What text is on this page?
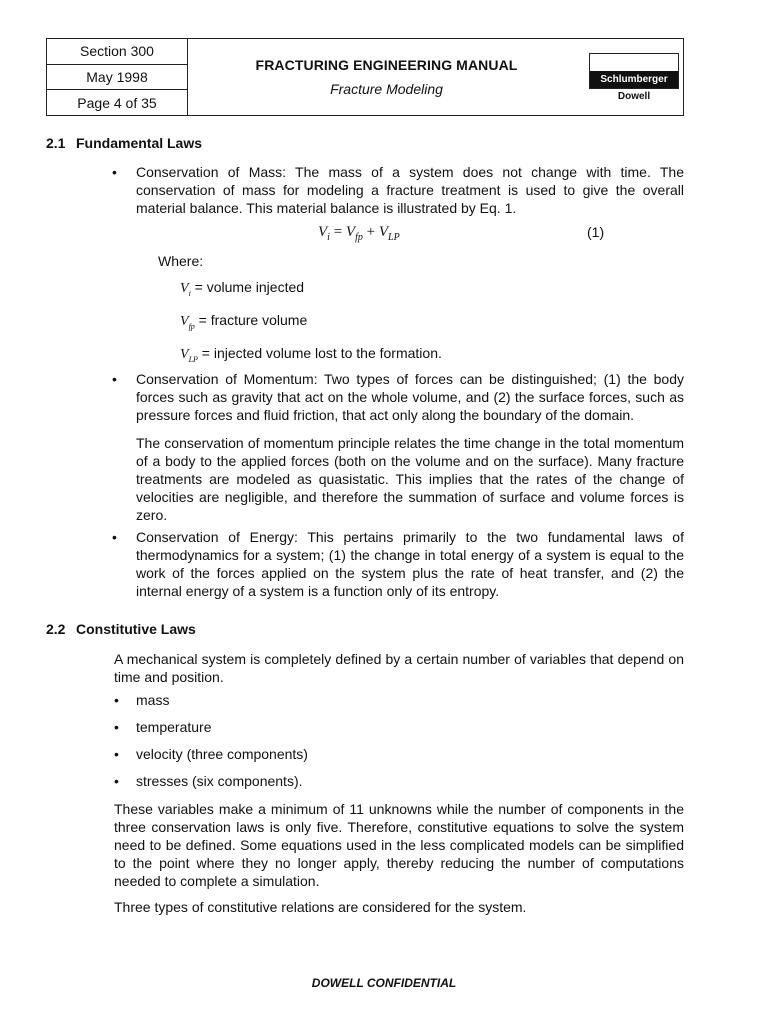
Section 300
May 1998
Page 4 of 35
FRACTURING ENGINEERING MANUAL
Fracture Modeling
Schlumberger
Dowell
2.1 Fundamental Laws
• Conservation of Mass: The mass of a system does not change with time. The conservation of mass for modeling a fracture treatment is used to give the overall material balance. This material balance is illustrated by Eq. 1.
$V_i = V_{fp} + V_{LP}$	(1)
Where:
$V_i$ = volume injected
$V_{fp}$ = fracture volume
$V_{LP}$ = injected volume lost to the formation.
• Conservation of Momentum: Two types of forces can be distinguished; (1) the body forces such as gravity that act on the whole volume, and (2) the surface forces, such as pressure forces and fluid friction, that act only along the boundary of the domain.
The conservation of momentum principle relates the time change in the total momentum of a body to the applied forces (both on the volume and on the surface). Many fracture treatments are modeled as quasistatic. This implies that the rates of the change of velocities are negligible, and therefore the summation of surface and volume forces is zero.
• Conservation of Energy: This pertains primarily to the two fundamental laws of thermodynamics for a system; (1) the change in total energy of a system is equal to the work of the forces applied on the system plus the rate of heat transfer, and (2) the internal energy of a system is a function only of its entropy.
2.2 Constitutive Laws
A mechanical system is completely defined by a certain number of variables that depend on time and position.
• mass
• temperature
• velocity (three components)
• stresses (six components).
These variables make a minimum of 11 unknowns while the number of components in the three conservation laws is only five. Therefore, constitutive equations to solve the system need to be defined. Some equations used in the less complicated models can be simplified to the point where they no longer apply, thereby reducing the number of computations needed to complete a simulation.
Three types of constitutive relations are considered for the system.
DOWELL CONFIDENTIAL
